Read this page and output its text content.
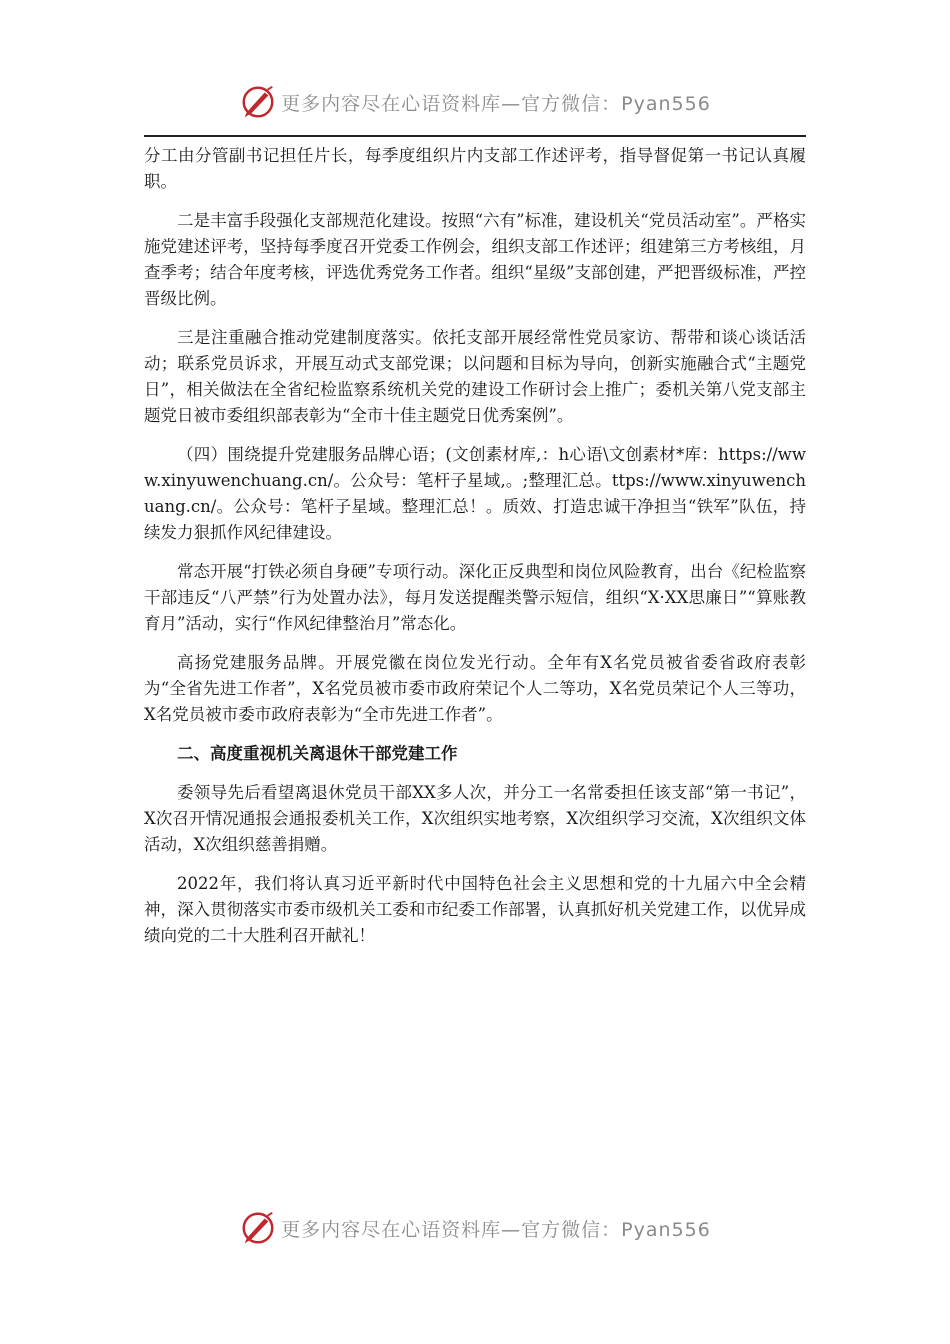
更多内容尽在心语资料库—官方微信：Pyan556

分工由分管副书记担任片长，每季度组织片内支部工作述评考，指导督促第一书记认真履职。

二是丰富手段强化支部规范化建设。按照“六有”标准，建设机关“党员活动室”。严格实施党建述评考，坚持每季度召开党委工作例会，组织支部工作述评；组建第三方考核组，月查季考；结合年度考核，评选优秀党务工作者。组织“星级”支部创建，严把晋级标准，严控晋级比例。

三是注重融合推动党建制度落实。依托支部开展经常性党员家访、帮带和谈心谈话活动；联系党员诉求，开展互动式支部党课；以问题和目标为导向，创新实施融合式“主题党日”，相关做法在全省纪检监察系统机关党的建设工作研讨会上推广；委机关第八党支部主题党日被市委组织部表彰为“全市十佳主题党日优秀案例”。

（四）围绕提升党建服务品牌心语；(文创素材库,：h心语\文创素材*库：https://www.xinyuwenchuang.cn/。公众号：笔杆子星域,。;整理汇总。ttps://www.xinyuwenchuang.cn/。公众号：笔杆子星域。整理汇总！。质效、打造忠诚干净担当“铁军”队伍，持续发力狠抓作风纪律建设。

常态开展“打铁必须自身硬”专项行动。深化正反典型和岗位风险教育，出台《纪检监察干部违反“八严禁”行为处置办法》，每月发送提醒类警示短信，组织“X·XX思廉日”“算账教育月”活动，实行“作风纪律整治月”常态化。

高扬党建服务品牌。开展党徽在岗位发光行动。全年有X名党员被省委省政府表彰为“全省先进工作者”，X名党员被市委市政府荣记个人二等功，X名党员荣记个人三等功，X名党员被市委市政府表彰为“全市先进工作者”。

二、高度重视机关离退休干部党建工作

委领导先后看望离退休党员干部XX多人次，并分工一名常委担任该支部“第一书记”，X次召开情况通报会通报委机关工作，X次组织实地考察，X次组织学习交流，X次组织文体活动，X次组织慈善捐赠。

2022年，我们将认真习近平新时代中国特色社会主义思想和党的十九届六中全会精神，深入贯彻落实市委市级机关工委和市纪委工作部署，认真抓好机关党建工作，以优异成绩向党的二十大胜利召开献礼！

更多内容尽在心语资料库—官方微信：Pyan556
